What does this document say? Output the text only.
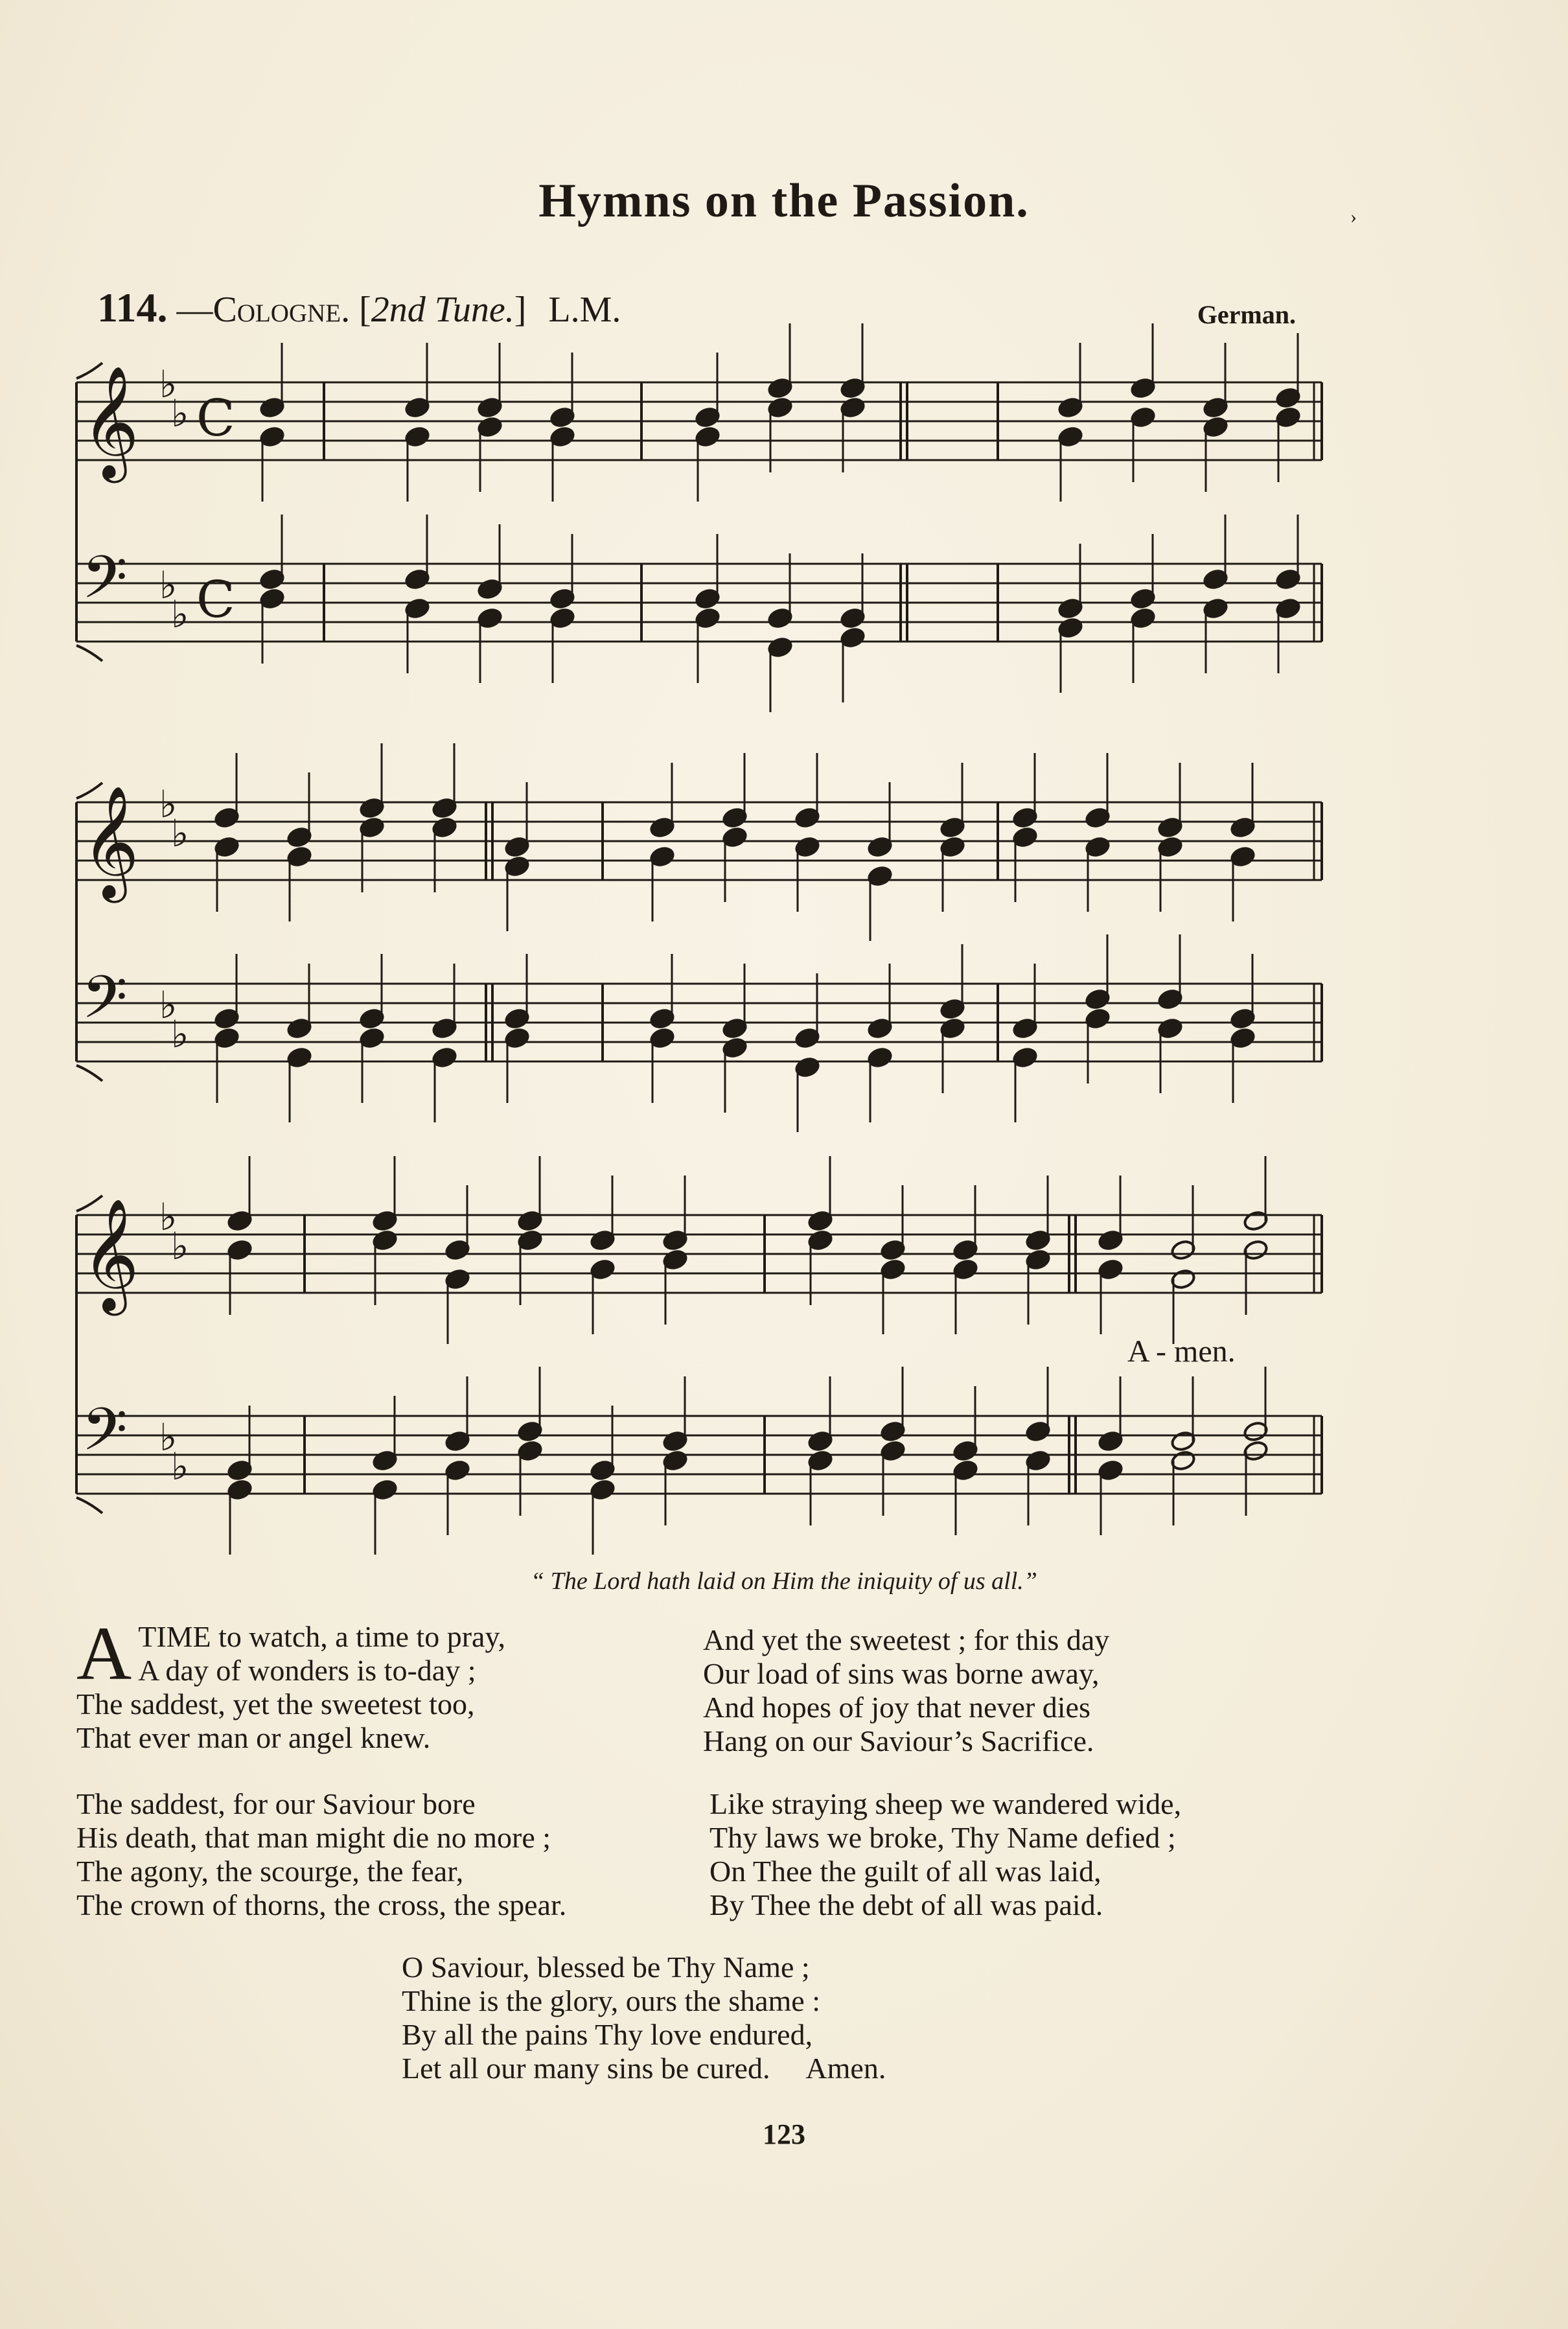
Hymns on the Passion.	›
114. —Cologne. [2nd Tune.] L.M.	German.
𝄞 ♭
♭ C
𝄢 ♭
♭ C
𝄞 ♭
♭
𝄢 ♭
♭
𝄞 ♭
♭
𝄢 ♭
♭
A - men.
“ The Lord hath laid on Him the iniquity of us all.”
A TIME to watch, a time to pray,
A day of wonders is to-day ;
The saddest, yet the sweetest too,
That ever man or angel knew.
And yet the sweetest ; for this day
Our load of sins was borne away,
And hopes of joy that never dies
Hang on our Saviour’s Sacrifice.
The saddest, for our Saviour bore
His death, that man might die no more ;
The agony, the scourge, the fear,
The crown of thorns, the cross, the spear.
Like straying sheep we wandered wide,
Thy laws we broke, Thy Name defied ;
On Thee the guilt of all was laid,
By Thee the debt of all was paid.
O Saviour, blessed be Thy Name ;
Thine is the glory, ours the shame :
By all the pains Thy love endured,
Let all our many sins be cured.     Amen.
123
